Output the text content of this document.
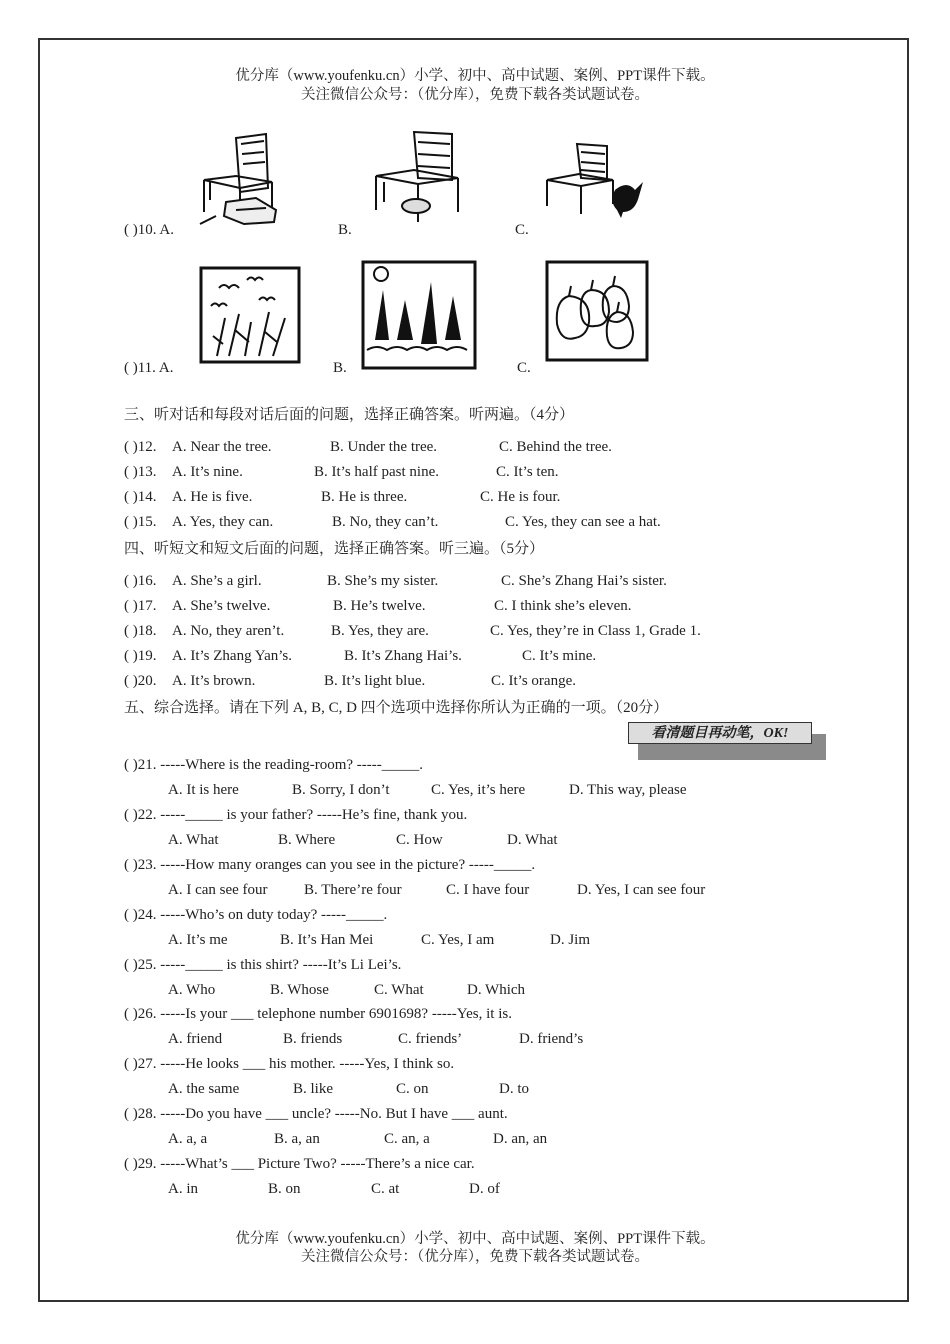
优分库（www.youfenku.cn）小学、初中、高中试题、案例、PPT课件下载。
关注微信公众号：（优分库），免费下载各类试题试卷。
( )10. A.	B.	C.
( )11. A.	B.	C.
三、听对话和每段对话后面的问题，选择正确答案。听两遍。（4分）
( )12. A. Near the tree.	B. Under the tree.	C. Behind the tree.
( )13. A. It’s nine.	B. It’s half past nine.	C. It’s ten.
( )14. A. He is five.	B. He is three.	C. He is four.
( )15. A. Yes, they can.	B. No, they can’t.	C. Yes, they can see a hat.
( )16. A. She’s a girl.	B. She’s my sister.	C. She’s Zhang Hai’s sister.
( )17. A. She’s twelve.	B. He’s twelve.	C. I think she’s eleven.
( )18. A. No, they aren’t.	B. Yes, they are.	C. Yes, they’re in Class 1, Grade 1.
( )19. A. It’s Zhang Yan’s.	B. It’s Zhang Hai’s.	C. It’s mine.
( )20. A. It’s brown.	B. It’s light blue.	C. It’s orange.
四、听短文和短文后面的问题，选择正确答案。听三遍。（5分）
五、综合选择。请在下列 A, B, C, D 四个选项中选择你所认为正确的一项。（20分）
看清题目再动笔，OK!
( )21. -----Where is the reading-room? -----_____.
A. It is here	B. Sorry, I don’t	C. Yes, it’s here	D. This way, please
( )22. -----_____ is your father? -----He’s fine, thank you.
A. What	B. Where	C. How	D. What
( )23. -----How many oranges can you see in the picture? -----_____.
A. I can see four B. There’re four	C. I have four	D. Yes, I can see four
( )24. -----Who’s on duty today? -----_____.
A. It’s me	B. It’s Han Mei	C. Yes, I am	D. Jim
( )25. -----_____ is this shirt? -----It’s Li Lei’s.
A. Who	B. Whose	C. What	D. Which
( )26. -----Is your ___ telephone number 6901698? -----Yes, it is.
A. friend	B. friends	C. friends’	D. friend’s
( )27. -----He looks ___ his mother. -----Yes, I think so.
A. the same	B. like	C. on	D. to
( )28. -----Do you have ___ uncle? -----No. But I have ___ aunt.
A. a, a	B. a, an	C. an, a	D. an, an
( )29. -----What’s ___ Picture Two? -----There’s a nice car.
A. in	B. on	C. at	D. of
优分库（www.youfenku.cn）小学、初中、高中试题、案例、PPT课件下载。
关注微信公众号：（优分库），免费下载各类试题试卷。
